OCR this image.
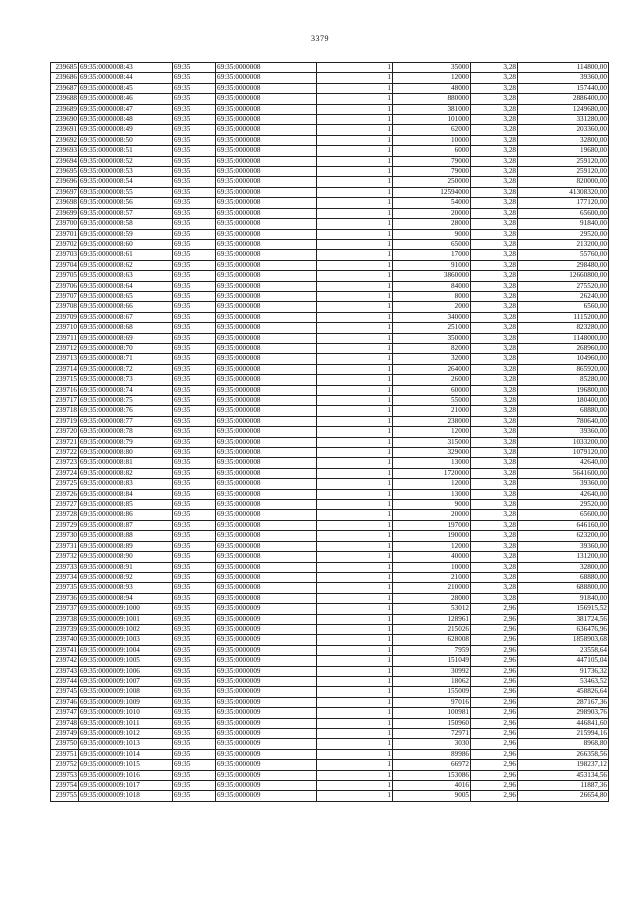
3379
239685	69:35:0000008:43	69:35	69:35:0000008	1	35000	3,28	114800,00
239686	69:35:0000008:44	69:35	69:35:0000008	1	12000	3,28	39360,00
239687	69:35:0000008:45	69:35	69:35:0000008	1	48000	3,28	157440,00
239688	69:35:0000008:46	69:35	69:35:0000008	1	880000	3,28	2886400,00
239689	69:35:0000008:47	69:35	69:35:0000008	1	381000	3,28	1249680,00
239690	69:35:0000008:48	69:35	69:35:0000008	1	101000	3,28	331280,00
239691	69:35:0000008:49	69:35	69:35:0000008	1	62000	3,28	203360,00
239692	69:35:0000008:50	69:35	69:35:0000008	1	10000	3,28	32800,00
239693	69:35:0000008:51	69:35	69:35:0000008	1	6000	3,28	19680,00
239694	69:35:0000008:52	69:35	69:35:0000008	1	79000	3,28	259120,00
239695	69:35:0000008:53	69:35	69:35:0000008	1	79000	3,28	259120,00
239696	69:35:0000008:54	69:35	69:35:0000008	1	250000	3,28	820000,00
239697	69:35:0000008:55	69:35	69:35:0000008	1	12594000	3,28	41308320,00
239698	69:35:0000008:56	69:35	69:35:0000008	1	54000	3,28	177120,00
239699	69:35:0000008:57	69:35	69:35:0000008	1	20000	3,28	65600,00
239700	69:35:0000008:58	69:35	69:35:0000008	1	28000	3,28	91840,00
239701	69:35:0000008:59	69:35	69:35:0000008	1	9000	3,28	29520,00
239702	69:35:0000008:60	69:35	69:35:0000008	1	65000	3,28	213200,00
239703	69:35:0000008:61	69:35	69:35:0000008	1	17000	3,28	55760,00
239704	69:35:0000008:62	69:35	69:35:0000008	1	91000	3,28	298480,00
239705	69:35:0000008:63	69:35	69:35:0000008	1	3860000	3,28	12660800,00
239706	69:35:0000008:64	69:35	69:35:0000008	1	84000	3,28	275520,00
239707	69:35:0000008:65	69:35	69:35:0000008	1	8000	3,28	26240,00
239708	69:35:0000008:66	69:35	69:35:0000008	1	2000	3,28	6560,00
239709	69:35:0000008:67	69:35	69:35:0000008	1	340000	3,28	1115200,00
239710	69:35:0000008:68	69:35	69:35:0000008	1	251000	3,28	823280,00
239711	69:35:0000008:69	69:35	69:35:0000008	1	350000	3,28	1148000,00
239712	69:35:0000008:70	69:35	69:35:0000008	1	82000	3,28	268960,00
239713	69:35:0000008:71	69:35	69:35:0000008	1	32000	3,28	104960,00
239714	69:35:0000008:72	69:35	69:35:0000008	1	264000	3,28	865920,00
239715	69:35:0000008:73	69:35	69:35:0000008	1	26000	3,28	85280,00
239716	69:35:0000008:74	69:35	69:35:0000008	1	60000	3,28	196800,00
239717	69:35:0000008:75	69:35	69:35:0000008	1	55000	3,28	180400,00
239718	69:35:0000008:76	69:35	69:35:0000008	1	21000	3,28	68880,00
239719	69:35:0000008:77	69:35	69:35:0000008	1	238000	3,28	780640,00
239720	69:35:0000008:78	69:35	69:35:0000008	1	12000	3,28	39360,00
239721	69:35:0000008:79	69:35	69:35:0000008	1	315000	3,28	1033200,00
239722	69:35:0000008:80	69:35	69:35:0000008	1	329000	3,28	1079120,00
239723	69:35:0000008:81	69:35	69:35:0000008	1	13000	3,28	42640,00
239724	69:35:0000008:82	69:35	69:35:0000008	1	1720000	3,28	5641600,00
239725	69:35:0000008:83	69:35	69:35:0000008	1	12000	3,28	39360,00
239726	69:35:0000008:84	69:35	69:35:0000008	1	13000	3,28	42640,00
239727	69:35:0000008:85	69:35	69:35:0000008	1	9000	3,28	29520,00
239728	69:35:0000008:86	69:35	69:35:0000008	1	20000	3,28	65600,00
239729	69:35:0000008:87	69:35	69:35:0000008	1	197000	3,28	646160,00
239730	69:35:0000008:88	69:35	69:35:0000008	1	190000	3,28	623200,00
239731	69:35:0000008:89	69:35	69:35:0000008	1	12000	3,28	39360,00
239732	69:35:0000008:90	69:35	69:35:0000008	1	40000	3,28	131200,00
239733	69:35:0000008:91	69:35	69:35:0000008	1	10000	3,28	32800,00
239734	69:35:0000008:92	69:35	69:35:0000008	1	21000	3,28	68880,00
239735	69:35:0000008:93	69:35	69:35:0000008	1	210000	3,28	688800,00
239736	69:35:0000008:94	69:35	69:35:0000008	1	28000	3,28	91840,00
239737	69:35:0000009:1000	69:35	69:35:0000009	1	53012	2,96	156915,52
239738	69:35:0000009:1001	69:35	69:35:0000009	1	128961	2,96	381724,56
239739	69:35:0000009:1002	69:35	69:35:0000009	1	215026	2,96	636476,96
239740	69:35:0000009:1003	69:35	69:35:0000009	1	628008	2,96	1858903,68
239741	69:35:0000009:1004	69:35	69:35:0000009	1	7959	2,96	23558,64
239742	69:35:0000009:1005	69:35	69:35:0000009	1	151049	2,96	447105,04
239743	69:35:0000009:1006	69:35	69:35:0000009	1	30992	2,96	91736,32
239744	69:35:0000009:1007	69:35	69:35:0000009	1	18062	2,96	53463,52
239745	69:35:0000009:1008	69:35	69:35:0000009	1	155009	2,96	458826,64
239746	69:35:0000009:1009	69:35	69:35:0000009	1	97016	2,96	287167,36
239747	69:35:0000009:1010	69:35	69:35:0000009	1	100981	2,96	298903,76
239748	69:35:0000009:1011	69:35	69:35:0000009	1	150960	2,96	446841,60
239749	69:35:0000009:1012	69:35	69:35:0000009	1	72971	2,96	215994,16
239750	69:35:0000009:1013	69:35	69:35:0000009	1	3030	2,96	8968,80
239751	69:35:0000009:1014	69:35	69:35:0000009	1	89986	2,96	266358,56
239752	69:35:0000009:1015	69:35	69:35:0000009	1	66972	2,96	198237,12
239753	69:35:0000009:1016	69:35	69:35:0000009	1	153086	2,96	453134,56
239754	69:35:0000009:1017	69:35	69:35:0000009	1	4016	2,96	11887,36
239755	69:35:0000009:1018	69:35	69:35:0000009	1	9005	2,96	26654,80
